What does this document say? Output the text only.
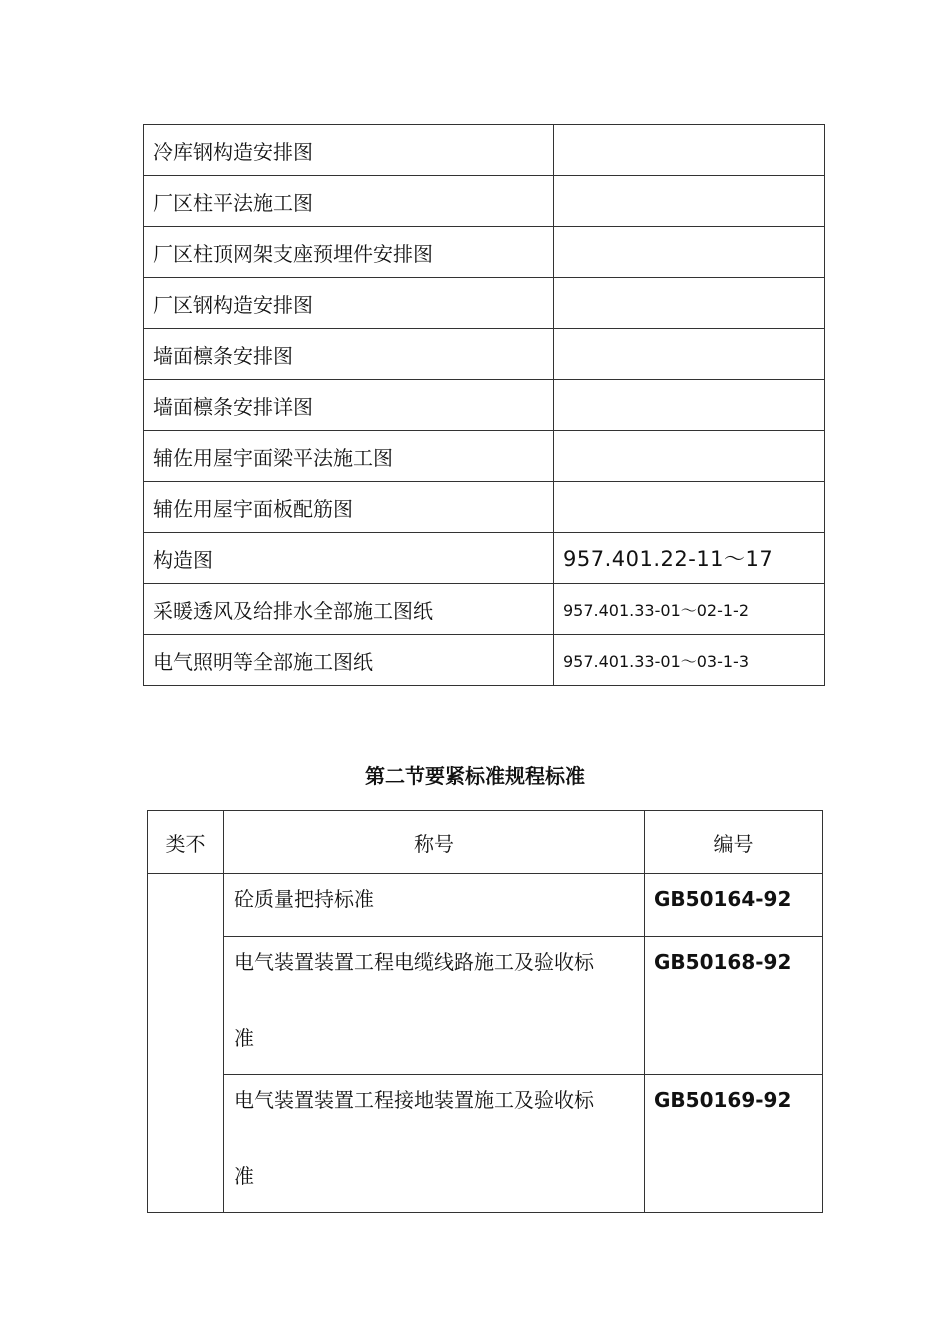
冷库钢构造安排图	
厂区柱平法施工图	
厂区柱顶网架支座预埋件安排图	
厂区钢构造安排图	
墙面檩条安排图	
墙面檩条安排详图	
辅佐用屋宇面梁平法施工图	
辅佐用屋宇面板配筋图	
构造图	957.401.22-11～17
采暖透风及给排水全部施工图纸	957.401.33-01～02-1-2
电气照明等全部施工图纸	957.401.33-01～03-1-3
第二节要紧标准规程标准
类不	称号	编号

	砼质量把持标准	GB50164-92

	电气装置装置工程电缆线路施工及验收标
准	GB50168-92

	电气装置装置工程接地装置施工及验收标
准	GB50169-92
